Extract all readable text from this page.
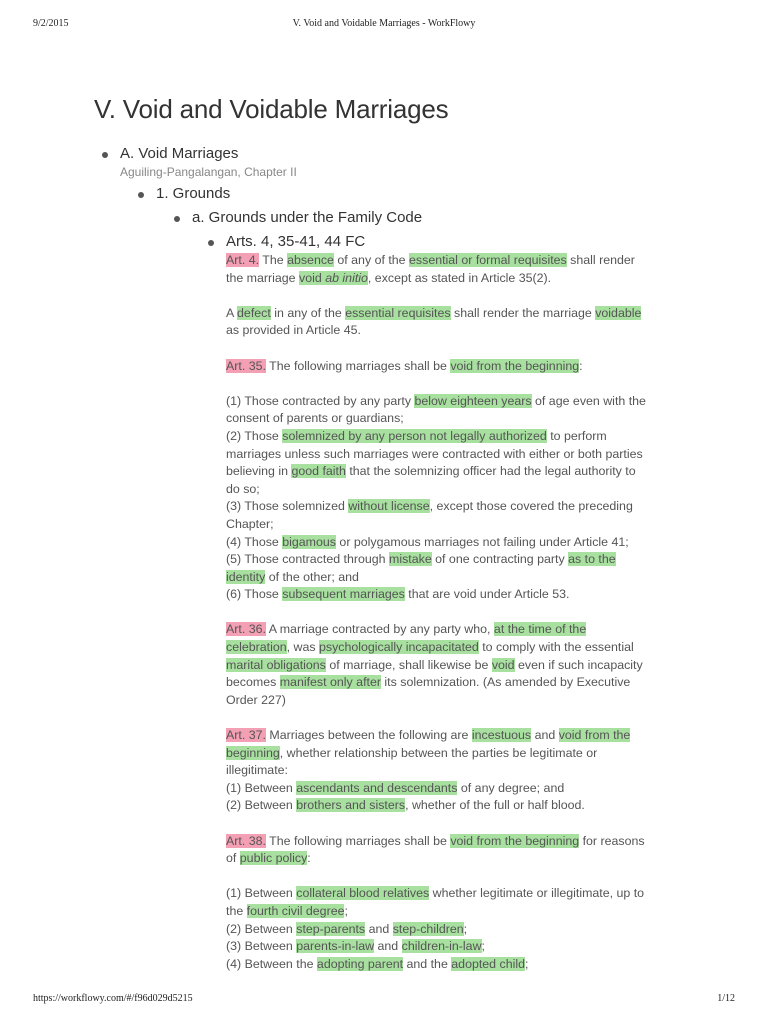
9/2/2015	V. Void and Voidable Marriages - WorkFlowy
V. Void and Voidable Marriages
A. Void Marriages
Aguiling-Pangalangan, Chapter II
1. Grounds
a. Grounds under the Family Code
Arts. 4, 35-41, 44 FC
Art. 4. The absence of any of the essential or formal requisites shall render
the marriage void ab initio, except as stated in Article 35(2).
A defect in any of the essential requisites shall render the marriage voidable
as provided in Article 45.
Art. 35. The following marriages shall be void from the beginning:
(1) Those contracted by any party below eighteen years of age even with the
consent of parents or guardians;
(2) Those solemnized by any person not legally authorized to perform
marriages unless such marriages were contracted with either or both parties
believing in good faith that the solemnizing officer had the legal authority to
do so;
(3) Those solemnized without license, except those covered the preceding
Chapter;
(4) Those bigamous or polygamous marriages not failing under Article 41;
(5) Those contracted through mistake of one contracting party as to the
identity of the other; and
(6) Those subsequent marriages that are void under Article 53.
Art. 36. A marriage contracted by any party who, at the time of the
celebration, was psychologically incapacitated to comply with the essential
marital obligations of marriage, shall likewise be void even if such incapacity
becomes manifest only after its solemnization. (As amended by Executive
Order 227)
Art. 37. Marriages between the following are incestuous and void from the
beginning, whether relationship between the parties be legitimate or
illegitimate:
(1) Between ascendants and descendants of any degree; and
(2) Between brothers and sisters, whether of the full or half blood.
Art. 38. The following marriages shall be void from the beginning for reasons
of public policy:
(1) Between collateral blood relatives whether legitimate or illegitimate, up to
the fourth civil degree;
(2) Between step-parents and step-children;
(3) Between parents-in-law and children-in-law;
(4) Between the adopting parent and the adopted child;
https://workflowy.com/#/f96d029d5215	1/12
